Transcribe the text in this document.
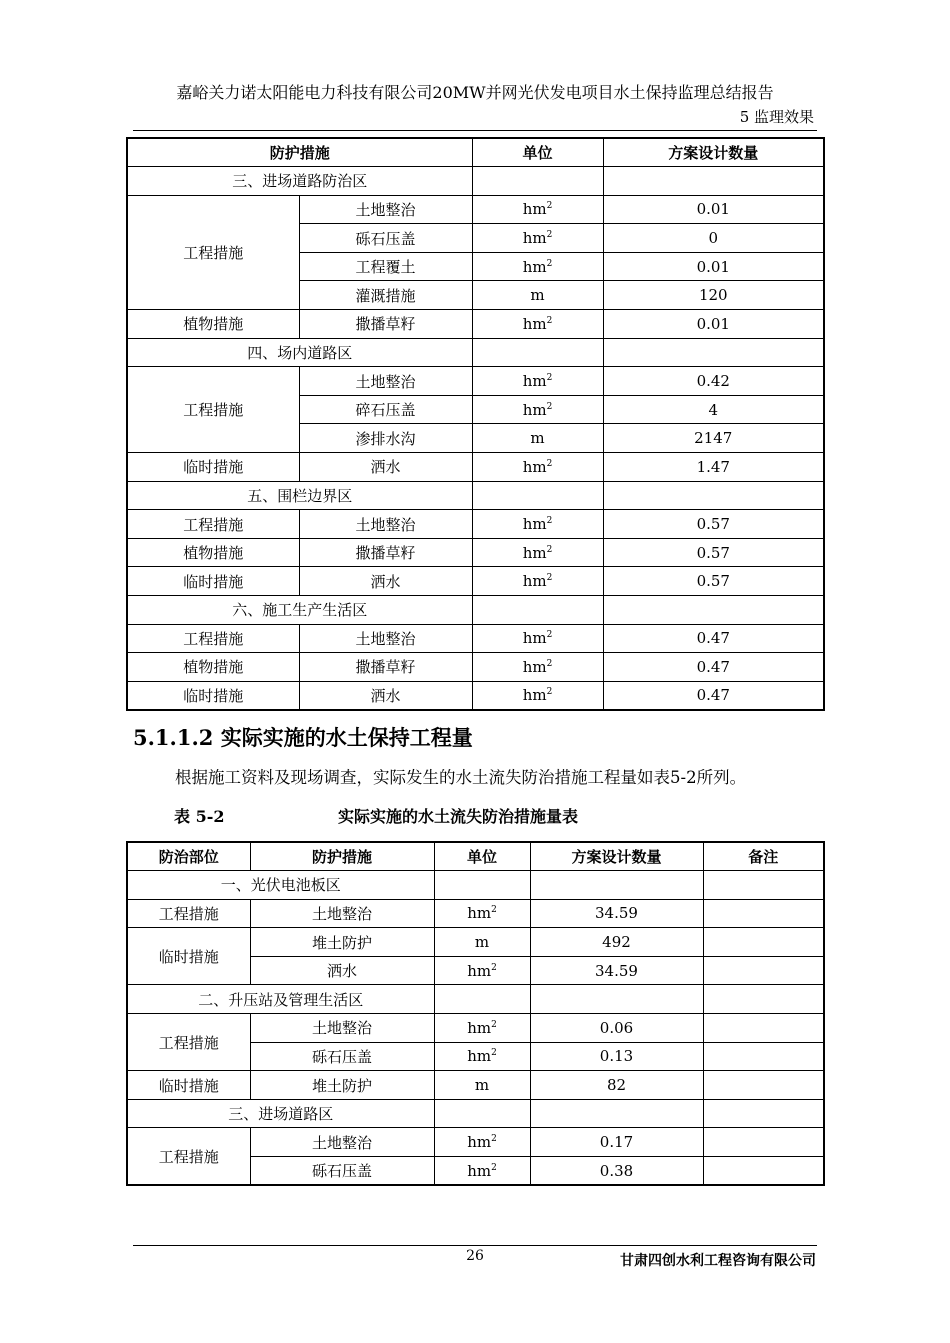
嘉峪关力诺太阳能电力科技有限公司20MW并网光伏发电项目水土保持监理总结报告
5 监理效果
防护措施		单位	方案设计数量
三、进场道路防治区			
工程措施	土地整治	$hm^2$	0.01
	砾石压盖	$hm^2$	0
	工程覆土	$hm^2$	0.01
	灌溉措施	m	120
植物措施	撒播草籽	$hm^2$	0.01
四、场内道路区			
工程措施	土地整治	$hm^2$	0.42
	碎石压盖	$hm^2$	4
	渗排水沟	m	2147
临时措施	洒水	$hm^2$	1.47
五、围栏边界区			
工程措施	土地整治	$hm^2$	0.57
植物措施	撒播草籽	$hm^2$	0.57
临时措施	洒水	$hm^2$	0.57
六、施工生产生活区			
工程措施	土地整治	$hm^2$	0.47
植物措施	撒播草籽	$hm^2$	0.47
临时措施	洒水	$hm^2$	0.47
5.1.1.2 实际实施的水土保持工程量
根据施工资料及现场调查，实际发生的水土流失防治措施工程量如表5-2所列。
表 5-2	实际实施的水土流失防治措施量表
防治部位	防护措施	单位	方案设计数量	备注
一、光伏电池板区				
工程措施	土地整治	$hm^2$	34.59	
临时措施	堆土防护	m	492	
	洒水	$hm^2$	34.59	
二、升压站及管理生活区				
工程措施	土地整治	$hm^2$	0.06	
	砾石压盖	$hm^2$	0.13	
临时措施	堆土防护	m	82	
三、进场道路区				
工程措施	土地整治	$hm^2$	0.17	
	砾石压盖	$hm^2$	0.38	
26	甘肃四创水利工程咨询有限公司
